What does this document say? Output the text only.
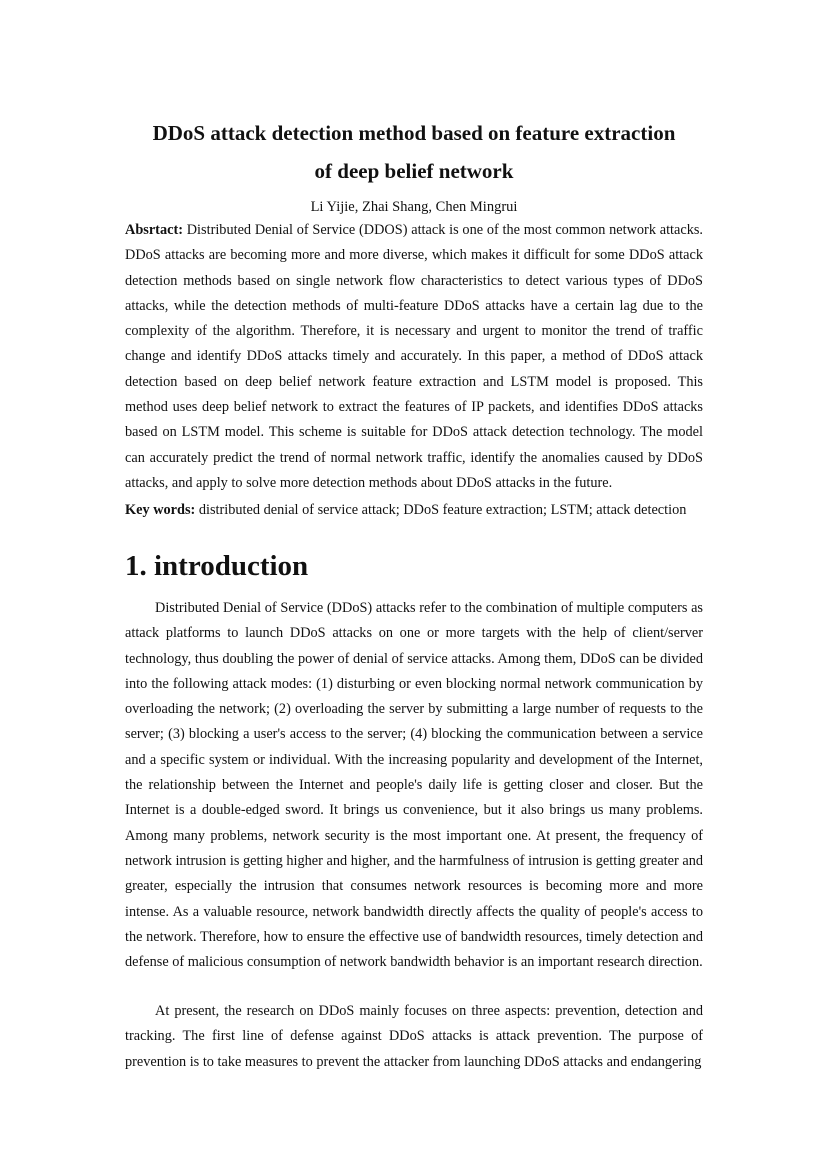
DDoS attack detection method based on feature extraction
of deep belief network
Li Yijie, Zhai Shang, Chen Mingrui

Absrtact: Distributed Denial of Service (DDOS) attack is one of the most common network attacks. DDoS attacks are becoming more and more diverse, which makes it difficult for some DDoS attack detection methods based on single network flow characteristics to detect various types of DDoS attacks, while the detection methods of multi-feature DDoS attacks have a certain lag due to the complexity of the algorithm. Therefore, it is necessary and urgent to monitor the trend of traffic change and identify DDoS attacks timely and accurately. In this paper, a method of DDoS attack detection based on deep belief network feature extraction and LSTM model is proposed. This method uses deep belief network to extract the features of IP packets, and identifies DDoS attacks based on LSTM model. This scheme is suitable for DDoS attack detection technology. The model can accurately predict the trend of normal network traffic, identify the anomalies caused by DDoS attacks, and apply to solve more detection methods about DDoS attacks in the future.

Key words: distributed denial of service attack; DDoS feature extraction; LSTM; attack detection

1. introduction

Distributed Denial of Service (DDoS) attacks refer to the combination of multiple computers as attack platforms to launch DDoS attacks on one or more targets with the help of client/server technology, thus doubling the power of denial of service attacks. Among them, DDoS can be divided into the following attack modes: (1) disturbing or even blocking normal network communication by overloading the network; (2) overloading the server by submitting a large number of requests to the server; (3) blocking a user's access to the server; (4) blocking the communication between a service and a specific system or individual. With the increasing popularity and development of the Internet, the relationship between the Internet and people's daily life is getting closer and closer. But the Internet is a double-edged sword. It brings us convenience, but it also brings us many problems. Among many problems, network security is the most important one. At present, the frequency of network intrusion is getting higher and higher, and the harmfulness of intrusion is getting greater and greater, especially the intrusion that consumes network resources is becoming more and more intense. As a valuable resource, network bandwidth directly affects the quality of people's access to the network. Therefore, how to ensure the effective use of bandwidth resources, timely detection and defense of malicious consumption of network bandwidth behavior is an important research direction.

At present, the research on DDoS mainly focuses on three aspects: prevention, detection and tracking. The first line of defense against DDoS attacks is attack prevention. The purpose of prevention is to take measures to prevent the attacker from launching DDoS attacks and endangering
